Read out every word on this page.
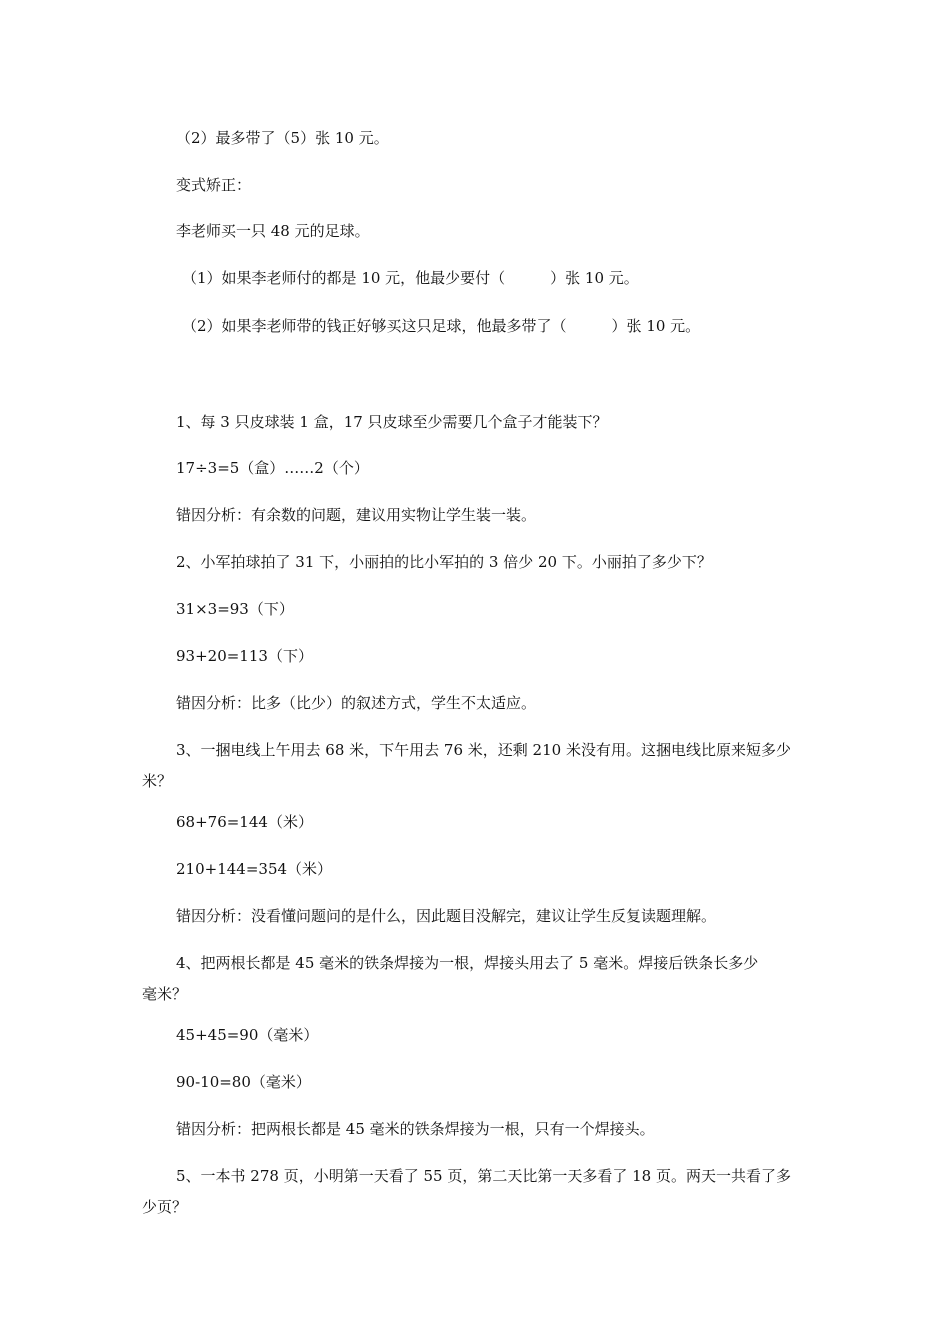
（2）最多带了（5）张 10 元。
变式矫正：
李老师买一只 48 元的足球。
（1）如果李老师付的都是 10 元，他最少要付（　　　）张 10 元。
（2）如果李老师带的钱正好够买这只足球，他最多带了（　　　）张 10 元。
1、每 3 只皮球装 1 盒，17 只皮球至少需要几个盒子才能装下？
17÷3=5（盒）……2（个）
错因分析：有余数的问题，建议用实物让学生装一装。
2、小军拍球拍了 31 下，小丽拍的比小军拍的 3 倍少 20 下。小丽拍了多少下？
31×3=93（下）
93+20=113（下）
错因分析：比多（比少）的叙述方式，学生不太适应。
3、一捆电线上午用去 68 米，下午用去 76 米，还剩 210 米没有用。这捆电线比原来短多少
米？
68+76=144（米）
210+144=354（米）
错因分析：没看懂问题问的是什么，因此题目没解完，建议让学生反复读题理解。
4、把两根长都是 45 毫米的铁条焊接为一根，焊接头用去了 5 毫米。焊接后铁条长多少
毫米？
45+45=90（毫米）
90-10=80（毫米）
错因分析：把两根长都是 45 毫米的铁条焊接为一根，只有一个焊接头。
5、一本书 278 页，小明第一天看了 55 页，第二天比第一天多看了 18 页。两天一共看了多
少页？
